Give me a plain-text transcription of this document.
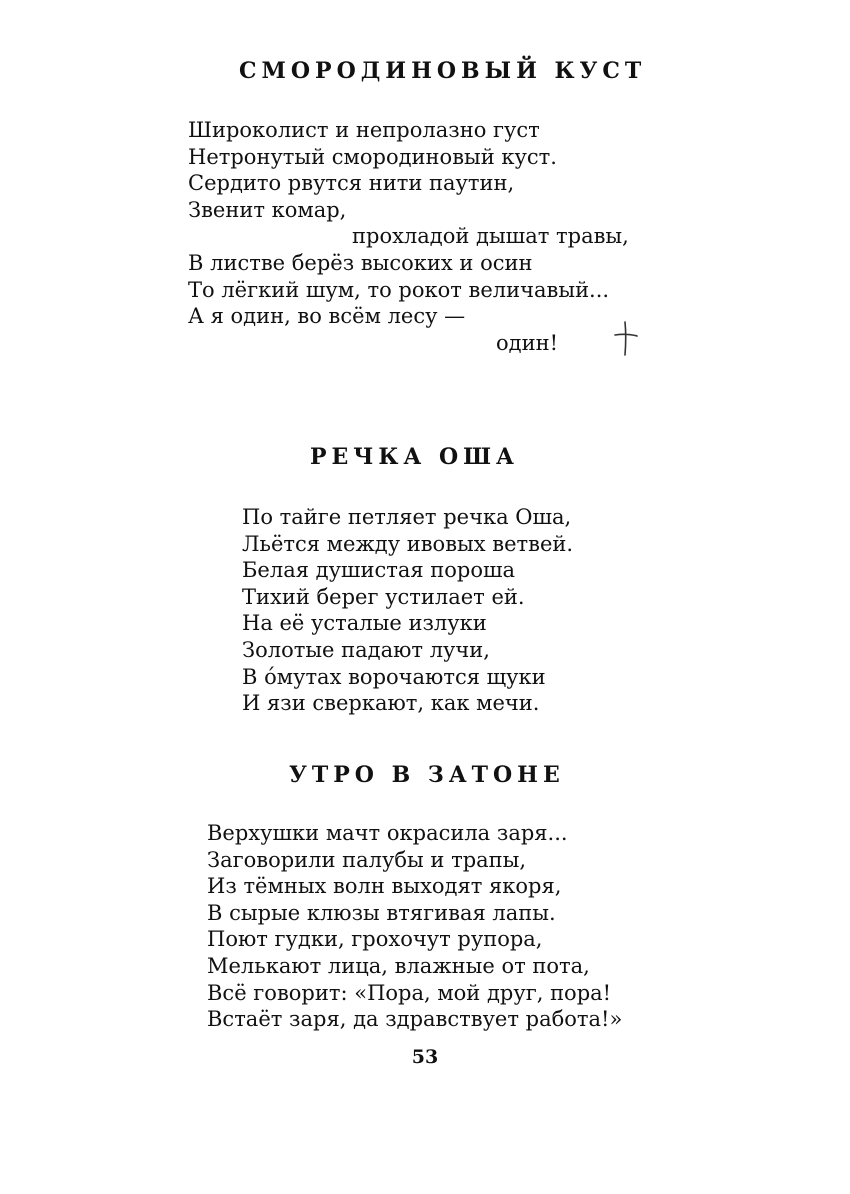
СМОРОДИНОВЫЙ КУСТ
Широколист и непролазно густ
Нетронутый смородиновый куст.
Сердито рвутся нити паутин,
Звенит комар,
прохладой дышат травы,
В листве берёз высоких и осин
То лёгкий шум, то рокот величавый...
А я один, во всём лесу —
один!
РЕЧКА ОША
По тайге петляет речка Оша,
Льётся между ивовых ветвей.
Белая душистая пороша
Тихий берег устилает ей.
На её усталые излуки
Золотые падают лучи,
В о́мутах ворочаются щуки
И язи сверкают, как мечи.
УТРО В ЗАТОНЕ
Верхушки мачт окрасила заря...
Заговорили палубы и трапы,
Из тёмных волн выходят якоря,
В сырые клюзы втягивая лапы.
Поют гудки, грохочут рупора,
Мелькают лица, влажные от пота,
Всё говорит: «Пора, мой друг, пора!
Встаёт заря, да здравствует работа!»
53
